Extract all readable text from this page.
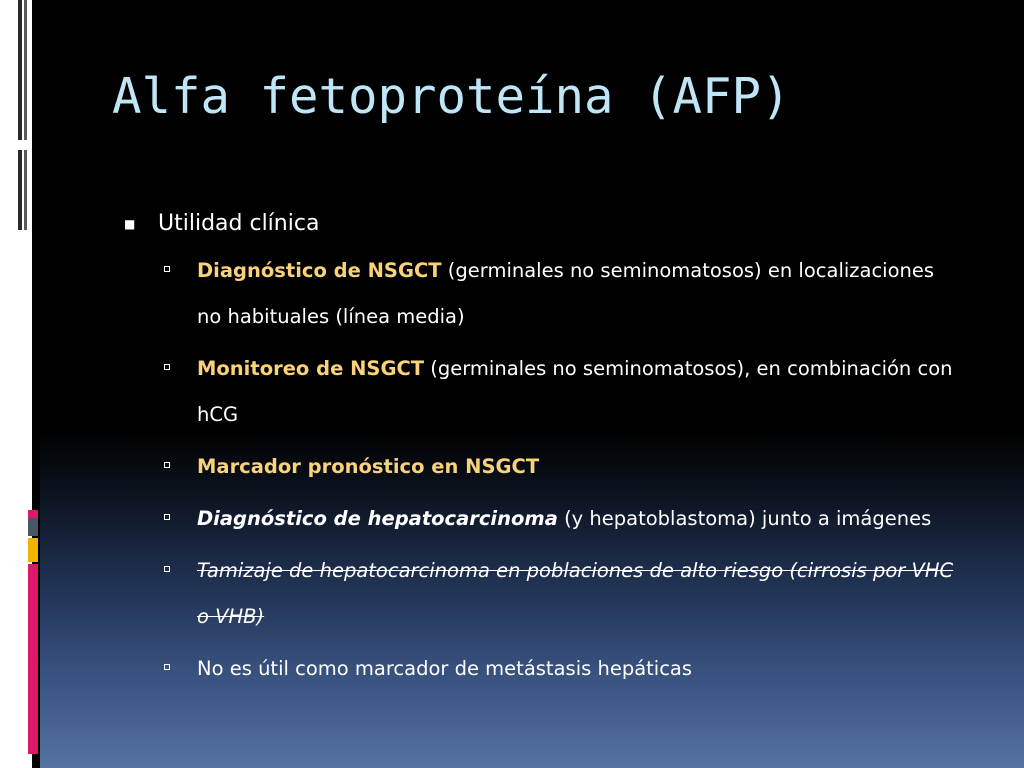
Alfa fetoproteína (AFP)
■ Utilidad clínica
Diagnóstico de NSGCT (germinales no seminomatosos) en localizaciones no habituales (línea media)
Monitoreo de NSGCT (germinales no seminomatosos), en combinación con hCG
Marcador pronóstico en NSGCT
Diagnóstico de hepatocarcinoma (y hepatoblastoma) junto a imágenes
Tamizaje de hepatocarcinoma en poblaciones de alto riesgo (cirrosis por VHC o VHB)
No es útil como marcador de metástasis hepáticas
